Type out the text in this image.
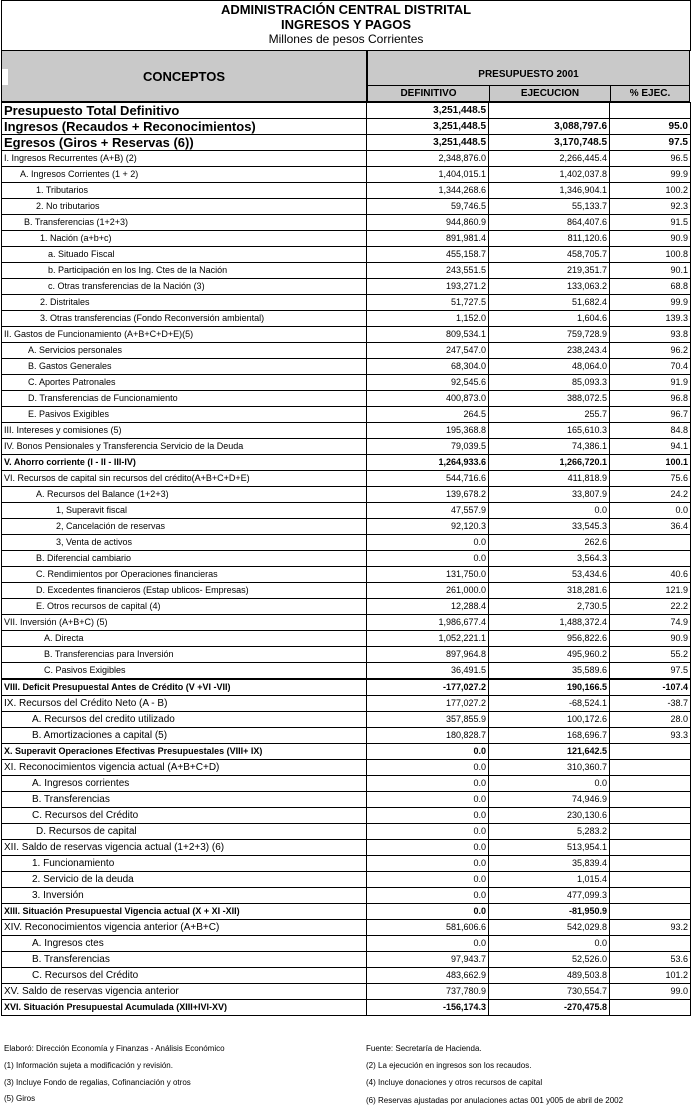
ADMINISTRACIÓN CENTRAL DISTRITAL
INGRESOS Y PAGOS
Millones de pesos Corrientes
CONCEPTOS	PRESUPUESTO 2001
DEFINITIVO	EJECUCION	% EJEC.
Presupuesto Total Definitivo	3,251,448.5		
Ingresos (Recaudos + Reconocimientos)	3,251,448.5	3,088,797.6	95.0
Egresos (Giros + Reservas (6))	3,251,448.5	3,170,748.5	97.5
I. Ingresos Recurrentes (A+B) (2)	2,348,876.0	2,266,445.4	96.5
A. Ingresos Corrientes (1 + 2)	1,404,015.1	1,402,037.8	99.9
1. Tributarios	1,344,268.6	1,346,904.1	100.2
2. No tributarios	59,746.5	55,133.7	92.3
B. Transferencias (1+2+3)	944,860.9	864,407.6	91.5
1. Nación (a+b+c)	891,981.4	811,120.6	90.9
a. Situado Fiscal	455,158.7	458,705.7	100.8
b. Participación en los Ing. Ctes de la Nación	243,551.5	219,351.7	90.1
c. Otras transferencias de la Nación (3)	193,271.2	133,063.2	68.8
2. Distritales	51,727.5	51,682.4	99.9
3. Otras transferencias (Fondo Reconversión ambiental)	1,152.0	1,604.6	139.3
II. Gastos de Funcionamiento (A+B+C+D+E)(5)	809,534.1	759,728.9	93.8
A. Servicios personales	247,547.0	238,243.4	96.2
B. Gastos Generales	68,304.0	48,064.0	70.4
C. Aportes Patronales	92,545.6	85,093.3	91.9
D. Transferencias de Funcionamiento	400,873.0	388,072.5	96.8
E. Pasivos Exigibles	264.5	255.7	96.7
III. Intereses y comisiones (5)	195,368.8	165,610.3	84.8
IV. Bonos Pensionales y Transferencia Servicio de la Deuda	79,039.5	74,386.1	94.1
V. Ahorro corriente (I - II - III-IV)	1,264,933.6	1,266,720.1	100.1
VI. Recursos de capital sin recursos del crédito(A+B+C+D+E)	544,716.6	411,818.9	75.6
A. Recursos del Balance (1+2+3)	139,678.2	33,807.9	24.2
1, Superavit fiscal	47,557.9	0.0	0.0
2, Cancelación de reservas	92,120.3	33,545.3	36.4
3, Venta de activos	0.0	262.6	
B. Diferencial cambiario	0.0	3,564.3	
C. Rendimientos por Operaciones financieras	131,750.0	53,434.6	40.6
D. Excedentes financieros (Estap ublicos- Empresas)	261,000.0	318,281.6	121.9
E. Otros recursos de capital (4)	12,288.4	2,730.5	22.2
VII. Inversión (A+B+C) (5)	1,986,677.4	1,488,372.4	74.9
A. Directa	1,052,221.1	956,822.6	90.9
B. Transferencias para Inversión	897,964.8	495,960.2	55.2
C. Pasivos Exigibles	36,491.5	35,589.6	97.5
VIII. Deficit Presupuestal Antes de Crédito (V +VI -VII)	-177,027.2	190,166.5	-107.4
IX. Recursos del Crédito Neto (A - B)	177,027.2	-68,524.1	-38.7
A. Recursos del credito utilizado	357,855.9	100,172.6	28.0
B. Amortizaciones a capital (5)	180,828.7	168,696.7	93.3
X. Superavit Operaciones Efectivas Presupuestales (VIII+ IX)	0.0	121,642.5	
XI. Reconocimientos vigencia actual (A+B+C+D)	0.0	310,360.7	
A. Ingresos corrientes	0.0	0.0	
B. Transferencias	0.0	74,946.9	
C. Recursos del Crédito	0.0	230,130.6	
D. Recursos de capital	0.0	5,283.2	
XII. Saldo de reservas vigencia actual (1+2+3) (6)	0.0	513,954.1	
1. Funcionamiento	0.0	35,839.4	
2. Servicio de la deuda	0.0	1,015.4	
3. Inversión	0.0	477,099.3	
XIII. Situación Presupuestal Vigencia actual (X + XI -XII)	0.0	-81,950.9	
XIV. Reconocimientos vigencia anterior (A+B+C)	581,606.6	542,029.8	93.2
A. Ingresos ctes	0.0	0.0	
B. Transferencias	97,943.7	52,526.0	53.6
C. Recursos del Crédito	483,662.9	489,503.8	101.2
XV. Saldo de reservas vigencia anterior	737,780.9	730,554.7	99.0
XVI. Situación Presupuestal Acumulada (XIII+IVI-XV)	-156,174.3	-270,475.8	
Elaboró: Dirección Economía y Finanzas - Análisis Económico	Fuente: Secretaría de Hacienda.
(1) Información sujeta a modificación y revisión.	(2) La ejecución en ingresos son los recaudos.
(3) Incluye Fondo de regalias, Cofinanciación y otros	(4) Incluye donaciones y otros recursos de capital
(5) Giros	(6) Reservas ajustadas por anulaciones actas 001 y005 de abril de 2002
